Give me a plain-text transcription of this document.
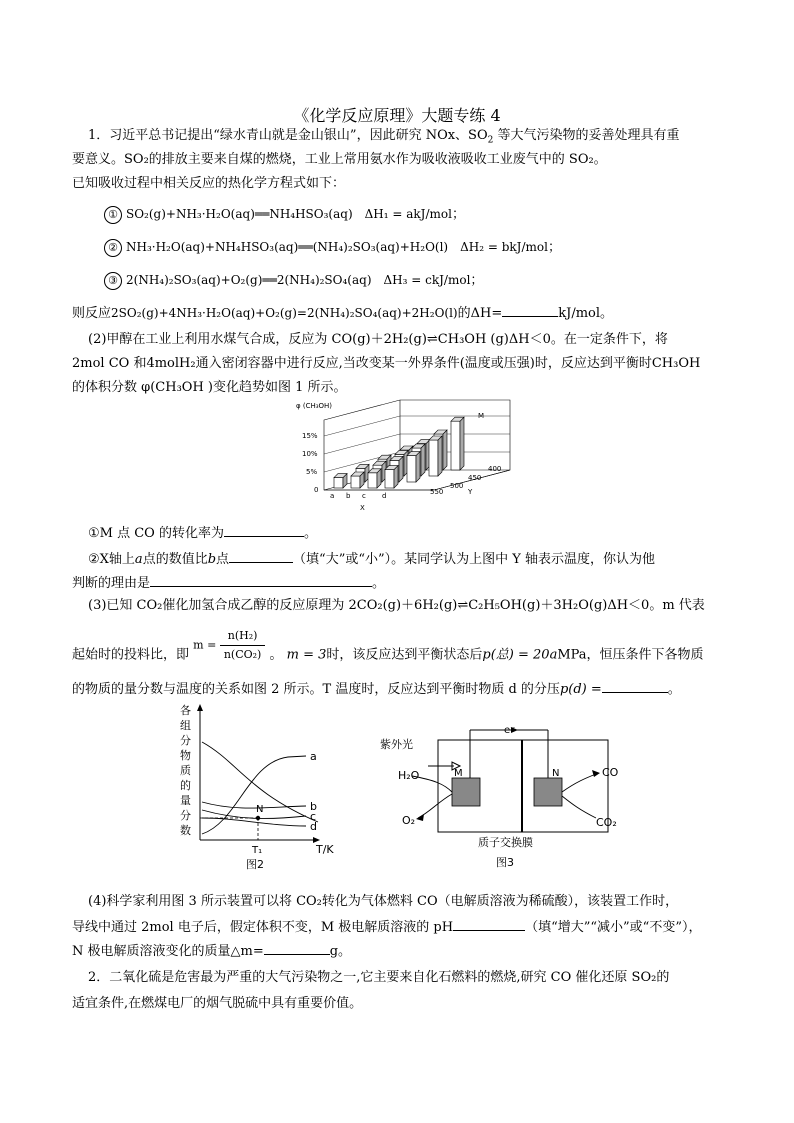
《化学反应原理》大题专练 4
1．习近平总书记提出“绿水青山就是金山银山”，因此研究 NOx、$SO_2$ 等大气污染物的妥善处理具有重
要意义。SO₂的排放主要来自煤的燃烧，工业上常用氨水作为吸收液吸收工业废气中的 SO₂。
已知吸收过程中相关反应的热化学方程式如下：
① SO₂(g)+NH₃·H₂O(aq)══NH₄HSO₃(aq)　ΔH₁ = akJ/mol；
② NH₃·H₂O(aq)+NH₄HSO₃(aq)══(NH₄)₂SO₃(aq)+H₂O(l)　ΔH₂ = bkJ/mol；
③ 2(NH₄)₂SO₃(aq)+O₂(g)══2(NH₄)₂SO₄(aq)　ΔH₃ = ckJ/mol；
则反应2SO₂(g)+4NH₃·H₂O(aq)+O₂(g)=2(NH₄)₂SO₄(aq)+2H₂O(l)的ΔH=	kJ/mol。
(2)甲醇在工业上利用水煤气合成，反应为 CO(g)＋2H₂(g)⇌CH₃OH (g)ΔH＜0。在一定条件下，将
2mol CO 和4molH₂通入密闭容器中进行反应,当改变某一外界条件(温度或压强)时，反应达到平衡时CH₃OH
的体积分数 φ(CH₃OH )变化趋势如图 1 所示。
φ (CH₃OH)
15%
10%
5%
0
a b c d
X
550
500
450
400
Y
M
①M 点 CO 的转化率为	。
②X轴上a点的数值比b点	（填“大”或“小”）。某同学认为上图中 Y 轴表示温度，你认为他
判断的理由是	。
(3)已知 CO₂催化加氢合成乙醇的反应原理为 2CO₂(g)＋6H₂(g)⇌C₂H₅OH(g)＋3H₂O(g)ΔH＜0。m 代表
起始时的投料比，即 $m = \frac{\text{n(H₂)}}{\text{n(CO₂)}}$ 。 m = 3时，该反应达到平衡状态后p(总) = 20aMPa，恒压条件下各物质
的物质的量分数与温度的关系如图 2 所示。T 温度时，反应达到平衡时物质 d 的分压p(d) =	。
各
组
分
物
质
的
量
分
数
a
b
c
d
N
T₁	T/K
图2
e⁻
紫外光
H₂O
O₂
M	N	CO
CO₂
质子交换膜
图3
(4)科学家利用图 3 所示装置可以将 CO₂转化为气体燃料 CO（电解质溶液为稀硫酸），该装置工作时，
导线中通过 2mol 电子后，假定体积不变，M 极电解质溶液的 pH	（填“增大”“减小”或“不变”），
N 极电解质溶液变化的质量△m=	g。
2．二氧化硫是危害最为严重的大气污染物之一,它主要来自化石燃料的燃烧,研究 CO 催化还原 SO₂的
适宜条件,在燃煤电厂的烟气脱硫中具有重要价值。
